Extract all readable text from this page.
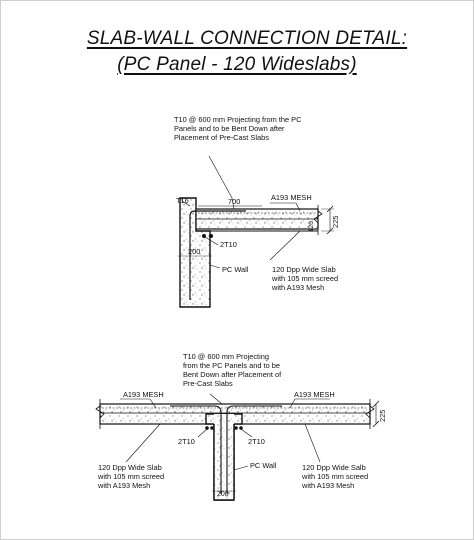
SLAB-WALL CONNECTION DETAIL:
(PC Panel - 120 Wideslabs)
T10 @ 600 mm Projecting from the PC
Panels and to be Bent Down after
Placement of Pre-Cast Slabs
T16	700	A193 MESH
225
120
2T10
200
PC Wall	120 Dpp Wide Slab
with 105 mm screed
with A193 Mesh
T10 @ 600 mm Projecting
from the PC Panels and to be
Bent Down after Placement of
Pre-Cast Slabs
A193 MESH	A193 MESH
225
2T10	2T10
PC Wall
200
120 Dpp Wide Slab
with 105 mm screed
with A193 Mesh
120 Dpp Wide Salb
with 105 mm screed
with A193 Mesh
